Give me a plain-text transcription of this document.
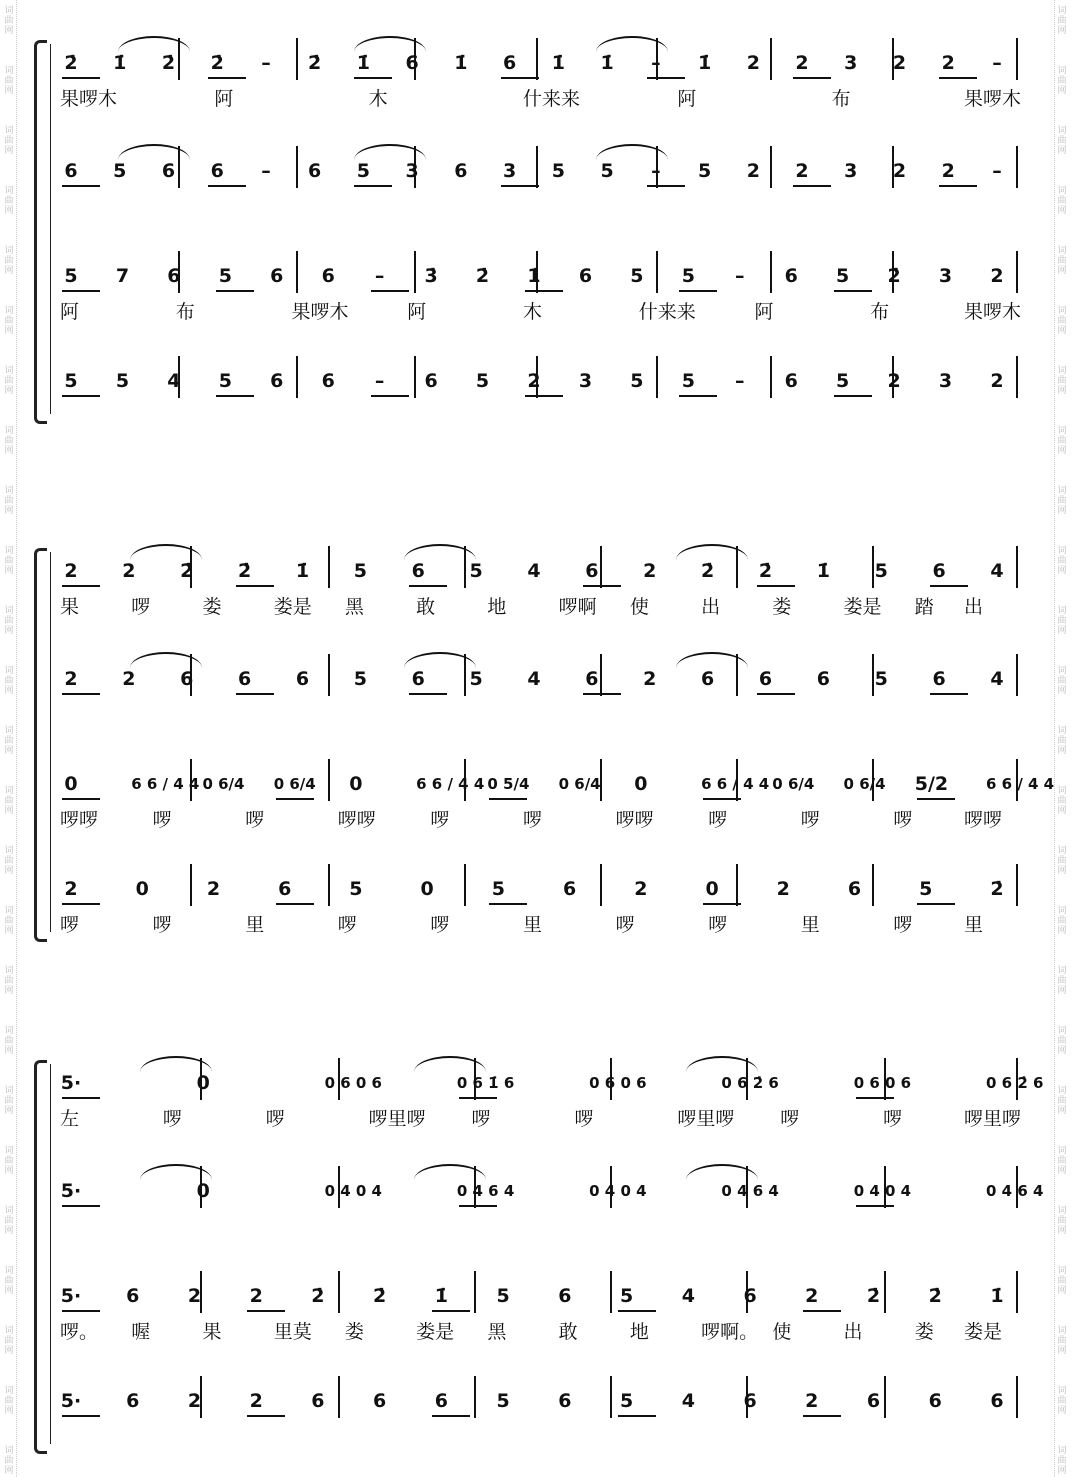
词
曲
网
词
曲
网
词
曲
网
词
曲
网
词
曲
网
词
曲
网
词
曲
网
词
曲
网
词
曲
网
词
曲
网
词
曲
网
词
曲
网
词
曲
网
词
曲
网
词
曲
网
词
曲
网
词
曲
网
词
曲
网
词
曲
网
词
曲
网
词
曲
网
词
曲
网
词
曲
网
词
曲
网
词
曲
网
词
曲
网
词
曲
网
词
曲
网
词
曲
网
词
曲
网
词
曲
网
词
曲
网
词
曲
网
词
曲
网
词
曲
网
词
曲
网
词
曲
网
词
曲
网
词
曲
网
词
曲
网
词
曲
网
词
曲
网
词
曲
网
词
曲
网
词
曲
网
词
曲
网
词
曲
网
词
曲
网
词
曲
网
词
曲
网
2̇ 1̇ 2̇ 2̇	–	2̇ 1̇ 6 1̇ 6 1̇ 1̇	–	1̇ 2 2 3 2 2	–
果啰木	阿	木	什来来	阿	布	果啰木
6 5 6 6	–	6 5 3 6 3 5 5	–	5 2 2 3 2 2	–
5 7 6 5 6 6	–	3̇ 2̇ 1̇ 6 5 5	–	6 5 2̇ 3 2
阿	布	果啰木	阿	木	什来来	阿	布	果啰木
5 5 4 5 6 6	–	6 5 2 3 5 5	–	6 5 2 3 2
2 2 2̇ 2̇ 1̇ 5 6 5 4 6 2 2̇ 2̇ 1̇ 5 6 4
果	啰	娄	娄是 黑	敢	地	啰啊 使	出	娄	娄是 踏 出
2 2 6 6 6 5 6 5 4 6 2 6 6 6 5 6 4
0	6 6 / 4 4 0 6/4 0 6/4 0	6 6 / 4 4 0 5/4 0 6/4 0	6 6 / 4 4 0 6/4 0 6/4 5/2	6 6 / 4 4
啰啰	啰	啰	啰啰	啰	啰	啰啰	啰	啰	啰	啰啰
2	0	2	6	5	0	5	6	2	0	2	6	5	2̇
啰	啰	里	啰	啰	里	啰	啰	里	啰	里
5·	0	0 6 0 6	0 6 1̇ 6	0 6 0 6	0 6 2̇ 6	0 6 0 6	0 6 2̇ 6
左	啰	啰	啰里啰 啰	啰	啰里啰 啰	啰	啰里啰
5·	0	0 4 0 4	0 4 6 4	0 4 0 4	0 4 6 4	0 4 0 4	0 4 6 4
5· 6	2	2	2̇	2̇	1̇	5	6	5	4	6	2	2̇	2̇	1̇
啰。 喔	果	里莫 娄	娄是 黑	敢	地	啰啊。 使	出	娄 娄是
5· 6	2	2	6	6	6	5	6	5	4	6	2	6	6	6
